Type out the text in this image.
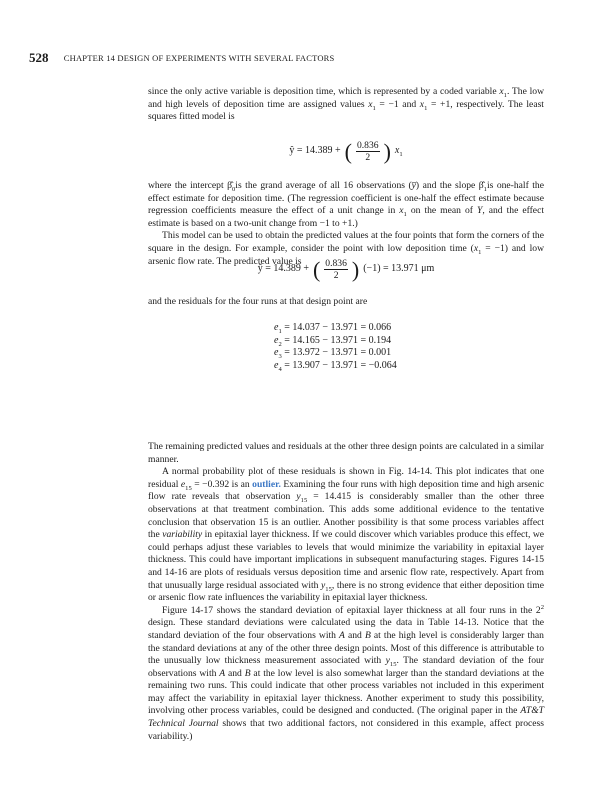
528 CHAPTER 14 DESIGN OF EXPERIMENTS WITH SEVERAL FACTORS

since the only active variable is deposition time, which is represented by a coded variable $x_1$. The low and high levels of deposition time are assigned values $x_1 = -1$ and $x_1 = +1$, respectively. The least squares fitted model is

ŷ = 14.389 + ( $\frac{0.836}{2}$ ) $x_1$

where the intercept $\betâ_0is$ the grand average of all 16 observations (y̅) and the slope $\betâ_1is$ one-half the effect estimate for deposition time. (The regression coefficient is one-half the effect estimate because regression coefficients measure the effect of a unit change in $x_1$ on the mean of Y, and the effect estimate is based on a two-unit change from −1 to +1.)

This model can be used to obtain the predicted values at the four points that form the corners of the square in the design. For example, consider the point with low deposition time $(x_1 = -1)$ and low arsenic flow rate. The predicted value is

ŷ = 14.389 + ( $\frac{0.836}{2}$ ) (−1) = 13.971 μm

and the residuals for the four runs at that design point are

$e_1 = 14.037 - 13.971 = 0.066$
$e_2 = 14.165 - 13.971 = 0.194$
$e_3 = 13.972 - 13.971 = 0.001$
$e_4 = 13.907 - 13.971 = -0.064$

The remaining predicted values and residuals at the other three design points are calculated in a similar manner.

A normal probability plot of these residuals is shown in Fig. 14-14. This plot indicates that one residual $e_{15} = -0.392$ is an outlier. Examining the four runs with high deposition time and high arsenic flow rate reveals that observation $y_{15} = 14.415$ is considerably smaller than the other three observations at that treatment combination. This adds some additional evidence to the tentative conclusion that observation 15 is an outlier. Another possibility is that some process variables affect the variability in epitaxial layer thickness. If we could discover which variables produce this effect, we could perhaps adjust these variables to levels that would minimize the variability in epitaxial layer thickness. This could have important implications in subsequent manufacturing stages. Figures 14-15 and 14-16 are plots of residuals versus deposition time and arsenic flow rate, respectively. Apart from that unusually large residual associated with $y_{15}$, there is no strong evidence that either deposition time or arsenic flow rate influences the variability in epitaxial layer thickness.

Figure 14-17 shows the standard deviation of epitaxial layer thickness at all four runs in the $2^2$ design. These standard deviations were calculated using the data in Table 14-13. Notice that the standard deviation of the four observations with A and B at the high level is considerably larger than the standard deviations at any of the other three design points. Most of this difference is attributable to the unusually low thickness measurement associated with $y_{15}$. The standard deviation of the four observations with A and B at the low level is also somewhat larger than the standard deviations at the remaining two runs. This could indicate that other process variables not included in this experiment may affect the variability in epitaxial layer thickness. Another experiment to study this possibility, involving other process variables, could be designed and conducted. (The original paper in the AT&T Technical Journal shows that two additional factors, not considered in this example, affect process variability.)
